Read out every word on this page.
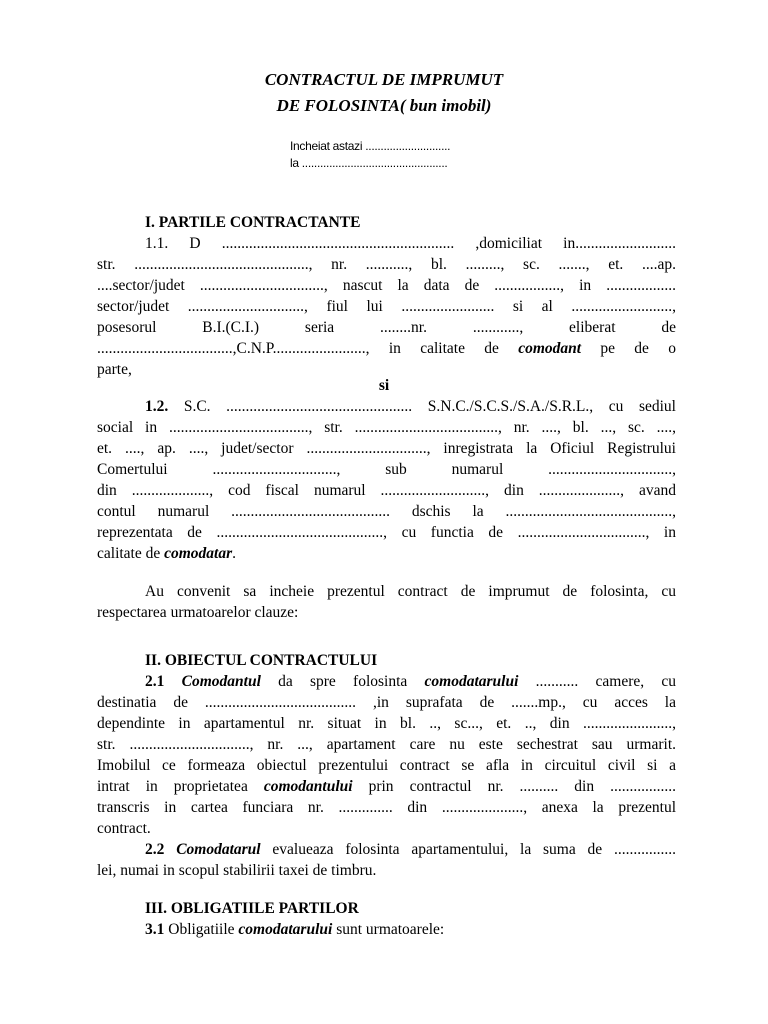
CONTRACTUL DE IMPRUMUT
DE FOLOSINTA( bun imobil)
Incheiat astazi ............................
la ................................................
I. PARTILE CONTRACTANTE
1.1. D ............................................................ ,domiciliat in..........................
str. ............................................., nr. ..........., bl. ........., sc. ......., et. ....ap.
....sector/judet ................................, nascut la data de ................., in ..................
sector/judet .............................., fiul lui ........................ si al ..........................,
posesorul B.I.(C.I.) seria ........nr. ............, eliberat de
...................................,C.N.P........................, in calitate de comodant pe de o
parte,
si
1.2. S.C. ................................................ S.N.C./S.C.S./S.A./S.R.L., cu sediul
social in ...................................., str. ....................................., nr. ...., bl. ..., sc. ....,
et. ...., ap. ...., judet/sector ..............................., inregistrata la Oficiul Registrului
Comertului ................................, sub numarul ................................,
din ...................., cod fiscal numarul ..........................., din ....................., avand
contul numarul ......................................... dschis la ...........................................,
reprezentata de ..........................................., cu functia de ................................., in
calitate de comodatar.
Au convenit sa incheie prezentul contract de imprumut de folosinta, cu
respectarea urmatoarelor clauze:
II. OBIECTUL CONTRACTULUI
2.1 Comodantul da spre folosinta comodatarului ........... camere, cu
destinatia de ....................................... ,in suprafata de .......mp., cu acces la
dependinte in apartamentul nr. situat in bl. .., sc..., et. .., din .......................,
str. ..............................., nr. ..., apartament care nu este sechestrat sau urmarit.
Imobilul ce formeaza obiectul prezentului contract se afla in circuitul civil si a
intrat in proprietatea comodantului prin contractul nr. .......... din .................
transcris in cartea funciara nr. .............. din ....................., anexa la prezentul
contract.
2.2 Comodatarul evalueaza folosinta apartamentului, la suma de ................
lei, numai in scopul stabilirii taxei de timbru.
III. OBLIGATIILE PARTILOR
3.1 Obligatiile comodatarului sunt urmatoarele:
